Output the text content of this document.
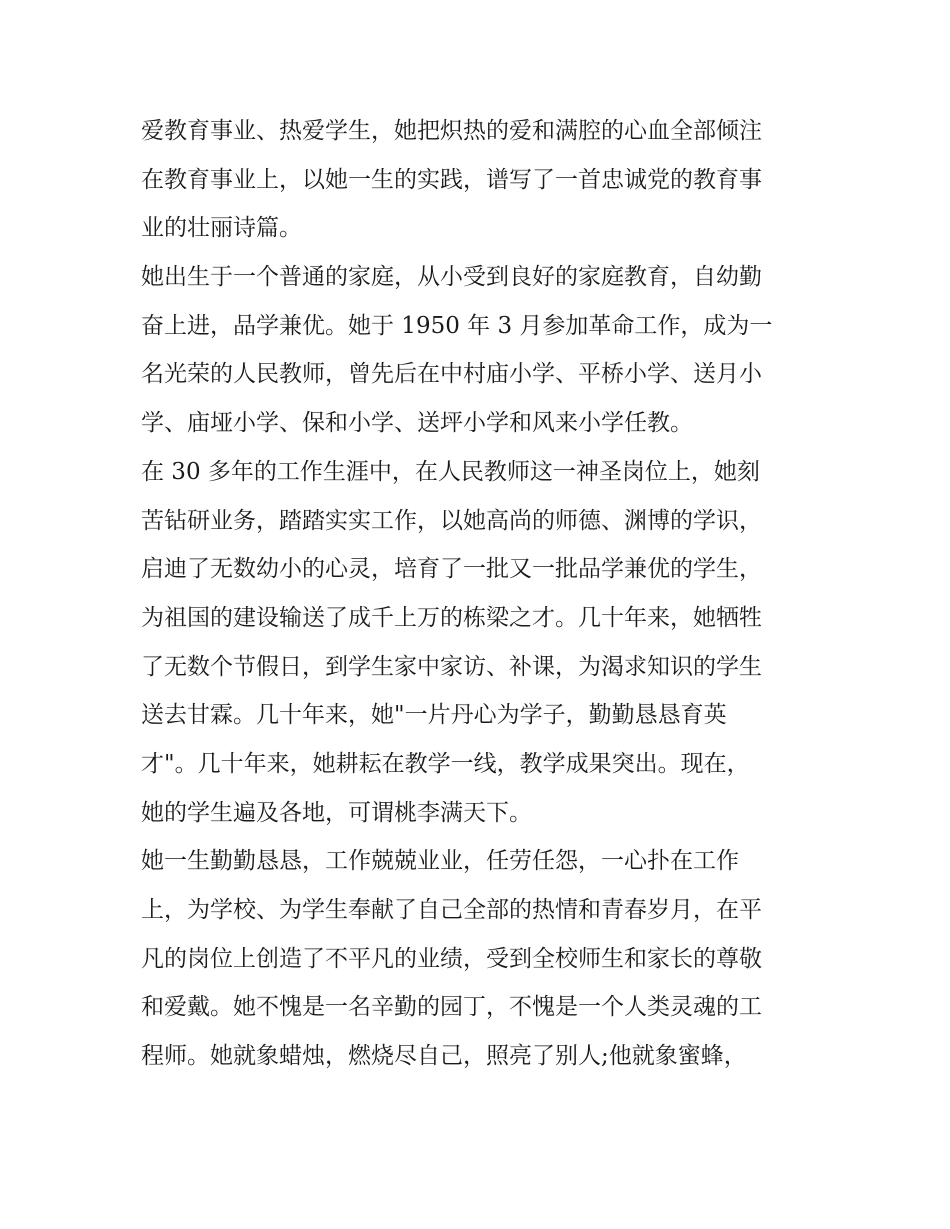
爱教育事业、热爱学生，她把炽热的爱和满腔的心血全部倾注
在教育事业上，以她一生的实践，谱写了一首忠诚党的教育事
业的壮丽诗篇。
她出生于一个普通的家庭，从小受到良好的家庭教育，自幼勤
奋上进，品学兼优。她于 1950 年 3 月参加革命工作，成为一
名光荣的人民教师，曾先后在中村庙小学、平桥小学、送月小
学、庙垭小学、保和小学、送坪小学和风来小学任教。
在 30 多年的工作生涯中，在人民教师这一神圣岗位上，她刻
苦钻研业务，踏踏实实工作，以她高尚的师德、渊博的学识，
启迪了无数幼小的心灵，培育了一批又一批品学兼优的学生，
为祖国的建设输送了成千上万的栋梁之才。几十年来，她牺牲
了无数个节假日，到学生家中家访、补课，为渴求知识的学生
送去甘霖。几十年来，她"一片丹心为学子，勤勤恳恳育英
才"。几十年来，她耕耘在教学一线，教学成果突出。现在，
她的学生遍及各地，可谓桃李满天下。
她一生勤勤恳恳，工作兢兢业业，任劳任怨，一心扑在工作
上，为学校、为学生奉献了自己全部的热情和青春岁月，在平
凡的岗位上创造了不平凡的业绩，受到全校师生和家长的尊敬
和爱戴。她不愧是一名辛勤的园丁，不愧是一个人类灵魂的工
程师。她就象蜡烛，燃烧尽自己，照亮了别人;他就象蜜蜂，
